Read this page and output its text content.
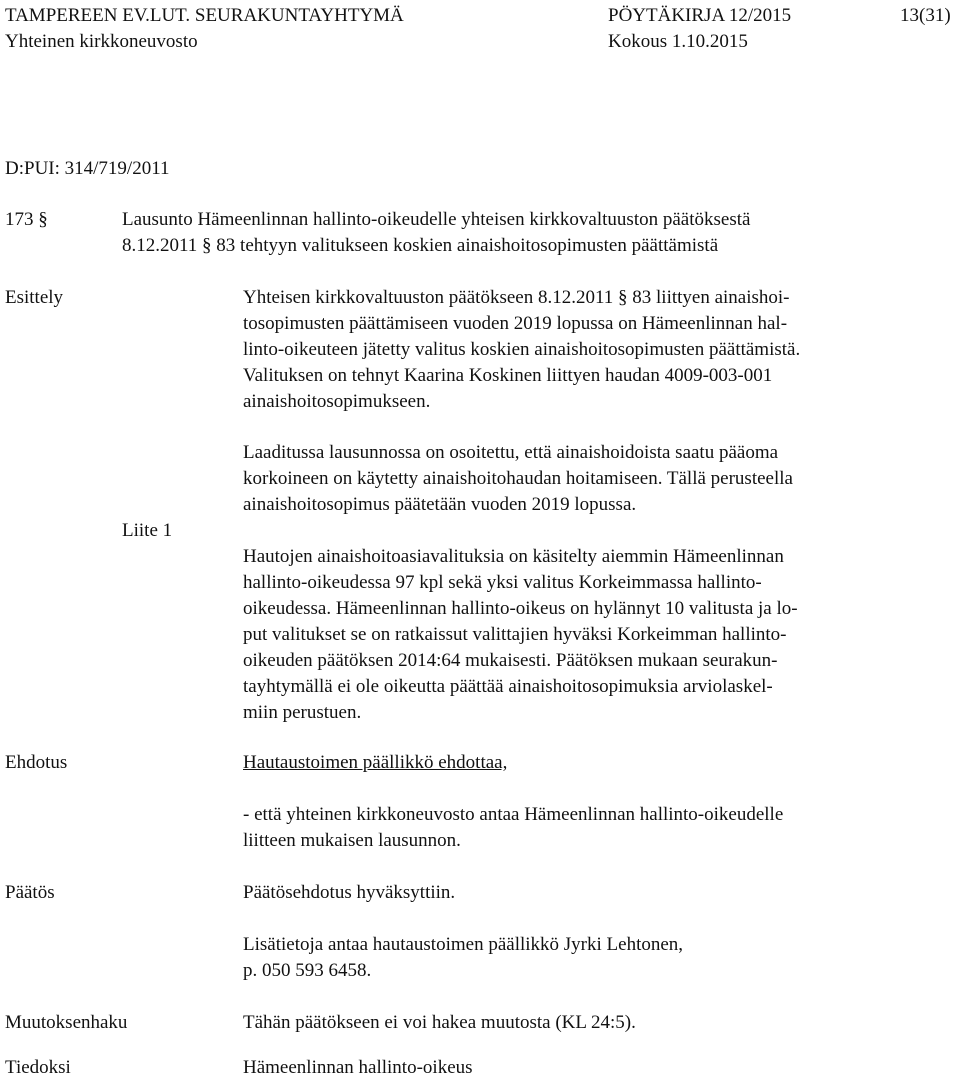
TAMPEREEN EV.LUT. SEURAKUNTAYHTYMÄ
Yhteinen kirkkoneuvosto
PÖYTÄKIRJA 12/2015
Kokous 1.10.2015
13(31)
D:PUI: 314/719/2011
173 §	Lausunto Hämeenlinnan hallinto-oikeudelle yhteisen kirkkovaltuuston päätöksestä
8.12.2011 § 83 tehtyyn valitukseen koskien ainaishoitosopimusten päättämistä
Esittely	Yhteisen kirkkovaltuuston päätökseen 8.12.2011 § 83 liittyen ainaishoi-
tosopimusten päättämiseen vuoden 2019 lopussa on Hämeenlinnan hal-
linto-oikeuteen jätetty valitus koskien ainaishoitosopimusten päättämistä.
Valituksen on tehnyt Kaarina Koskinen liittyen haudan 4009-003-001
ainaishoitosopimukseen.
Laaditussa lausunnossa on osoitettu, että ainaishoidoista saatu pääoma
korkoineen on käytetty ainaishoitohaudan hoitamiseen. Tällä perusteella
ainaishoitosopimus päätetään vuoden 2019 lopussa.
Liite 1
Hautojen ainaishoitoasiavalituksia on käsitelty aiemmin Hämeenlinnan
hallinto-oikeudessa 97 kpl sekä yksi valitus Korkeimmassa hallinto-
oikeudessa. Hämeenlinnan hallinto-oikeus on hylännyt 10 valitusta ja lo-
put valitukset se on ratkaissut valittajien hyväksi Korkeimman hallinto-
oikeuden päätöksen 2014:64 mukaisesti. Päätöksen mukaan seurakun-
tayhtymällä ei ole oikeutta päättää ainaishoitosopimuksia arviolaskel-
miin perustuen.
Ehdotus	Hautaustoimen päällikkö ehdottaa,
- että yhteinen kirkkoneuvosto antaa Hämeenlinnan hallinto-oikeudelle
liitteen mukaisen lausunnon.
Päätös	Päätösehdotus hyväksyttiin.
Lisätietoja antaa hautaustoimen päällikkö Jyrki Lehtonen,
p. 050 593 6458.
Muutoksenhaku	Tähän päätökseen ei voi hakea muutosta (KL 24:5).
Tiedoksi	Hämeenlinnan hallinto-oikeus
